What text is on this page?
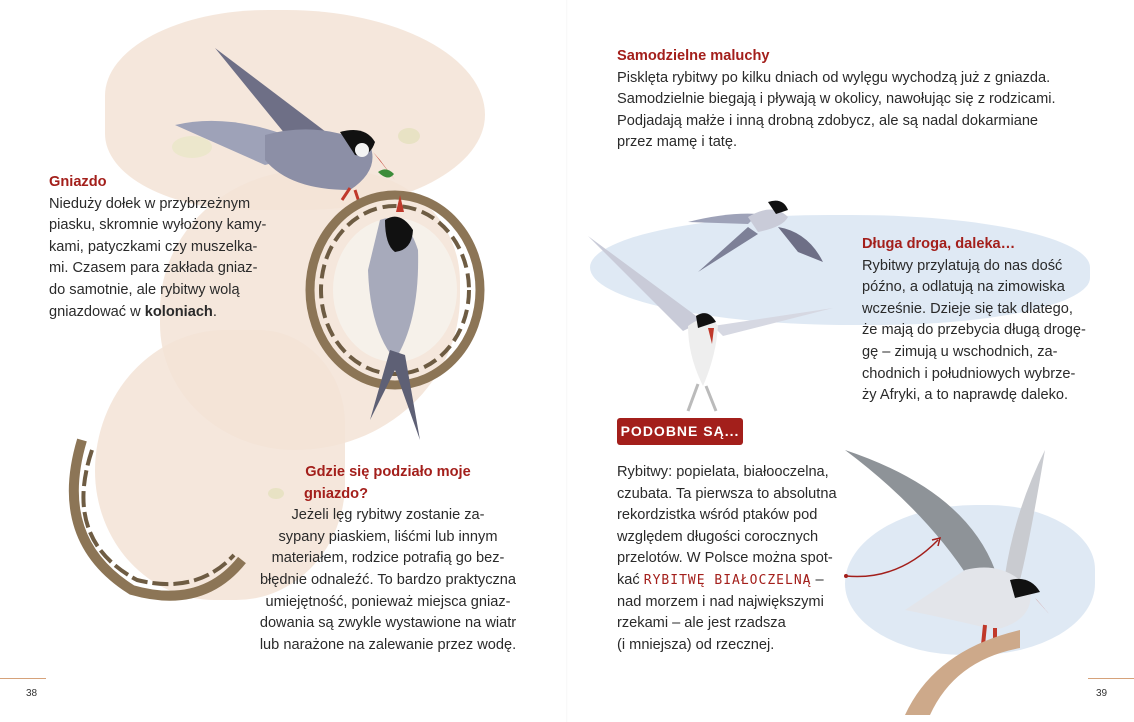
Gniazdo
Nieduży dołek w przybrzeżnym
piasku, skromnie wyłożony kamy-
kami, patyczkami czy muszelka-
mi. Czasem para zakłada gniaz-
do samotnie, ale rybitwy wolą
gniazdować w koloniach.

Gdzie się podziało moje
gniazdo?
Jeżeli lęg rybitwy zostanie za-
sypany piaskiem, liśćmi lub innym
materiałem, rodzice potrafią go bez-
błędnie odnaleźć. To bardzo praktyczna
umiejętność, ponieważ miejsca gniaz-
dowania są zwykle wystawione na wiatr
lub narażone na zalewanie przez wodę.

38

Samodzielne maluchy
Pisklęta rybitwy po kilku dniach od wylęgu wychodzą już z gniazda.
Samodzielnie biegają i pływają w okolicy, nawołując się z rodzicami.
Podjadają małże i inną drobną zdobycz, ale są nadal dokarmiane
przez mamę i tatę.

Długa droga, daleka…
Rybitwy przylatują do nas dość
późno, a odlatują na zimowiska
wcześnie. Dzieje się tak dlatego,
że mają do przebycia długą drogę-
gę – zimują u wschodnich, za-
chodnich i południowych wybrze-
ży Afryki, a to naprawdę daleko.

PODOBNE SĄ...

Rybitwy: popielata, białooczelna,
czubata. Ta pierwsza to absolutna
rekordzistka wśród ptaków pod
względem długości corocznych
przelotów. W Polsce można spot-
kać RYBITWĘ BIAŁOCZELNĄ –
nad morzem i nad największymi
rzekami – ale jest rzadsza
(i mniejsza) od rzecznej.

39
